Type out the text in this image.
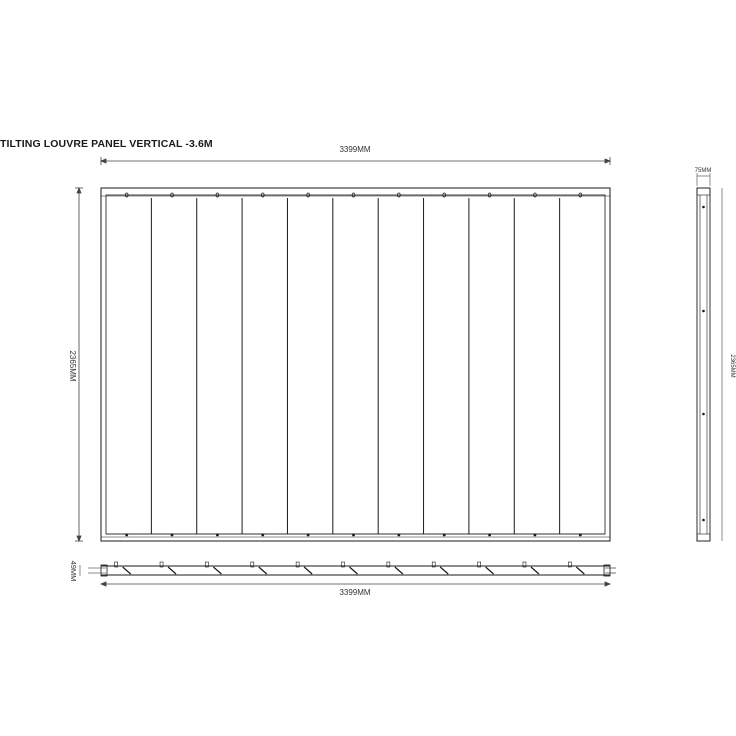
TILTING LOUVRE PANEL VERTICAL -3.6M	3399MM
2365MM
75MM
2365MM
49MM
3399MM
